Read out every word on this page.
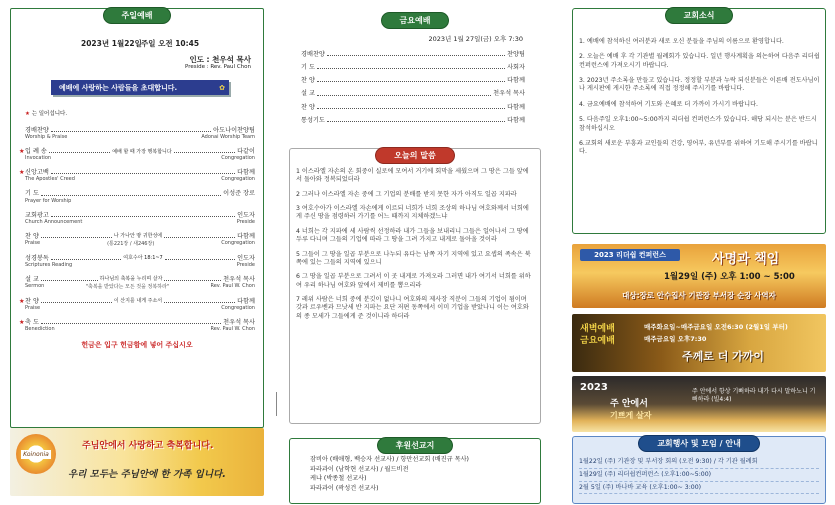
주일예배
2023년 1월22일 주일 오전 10:45
인도 : 천우석 목사
Preside : Rev. Paul Chon
예배에 사랑하는 사람들을 초대합니다.	✿
★ 는 일어섭니다.
경배찬양	아도나이찬양팀
Worship & Praise	Adonai Worship Team
★ 입 례 송	예배 할 때 가장 행복합니다	다같이
Invocation	Congregation
★ 신앙고백	다함께
The Apostles' Creed	Congregation
기 도	이성준 장로
Prayer for Worship
교회광고	인도자
Church Announcement	Preside
찬 양	나 가나안 땅 귀한성에	다함께
Praise	(통221장 / 새246장)	Congregation
성경봉독	여호수아 18:1~7	인도자
Scriptures Reading	Preside
설 교	하나님의 축복을 누리며 살자	천우석 목사
Sermon	"축복을 받았다는 모든 것을 정복하라"	Rev. Paul W. Chon
★ 찬 양	이 산지를 내게 주소서	다함께
Praise	Congregation
★ 축 도	천우석 목사
Benediction	Rev. Paul W. Chon
헌금은 입구 헌금함에 넣어 주십시오
Koinonia
주님안에서 사랑하고 축복합니다.
우리 모두는 주님안에 한 가족 입니다.
금요예배
2023년 1월 27일(금) 오후 7:30
경배찬양	찬양팀
기 도	사회자
찬 양	다함께
설 교	천우석 목사
찬 양	다함께
통성기도	다함께
오늘의 말씀

1 이스라엘 자손의 온 회중이 실로에 모여서 거기에 회막을 세웠으며 그 땅은 그들 앞에서 돌아와 정복되었더라

2 그러나 이스라엘 자손 중에 그 기업의 분배를 받지 못한 자가 아직도 일곱 지파라

3 여호수아가 이스라엘 자손에게 이르되 너희가 너희 조상의 하나님 여호와께서 너희에게 주신 땅을 점령하러 가기를 어느 때까지 지체하겠느냐

4 너희는 각 지파에 세 사람씩 선정하라 내가 그들을 보내리니 그들은 일어나서 그 땅에 두루 다니며 그들의 기업에 따라 그 땅을 그려 가지고 내게로 돌아올 것이라

5 그들이 그 땅을 일곱 부분으로 나누되 유다는 남쪽 자기 지역에 있고 요셉의 족속은 북쪽에 있는 그들의 지역에 있으니

6 그 땅을 일곱 부분으로 그려서 이 곳 내게로 가져오라 그러면 내가 여기서 너희를 위하여 우리 하나님 여호와 앞에서 제비를 뽑으리라

7 레위 사람은 너희 중에 분깃이 없나니 여호와의 제사장 직분이 그들의 기업이 됨이며 갓과 르우벤과 므낫세 반 지파는 요단 저편 동쪽에서 이미 기업을 받았나니 이는 여호와의 종 모세가 그들에게 준 것이니라 하더라

후원선교지
잠비아 (배애형, 백승자 선교사) / 항만선교회 (배진규 목사)
파라과이 (남학현 선교사) / 월드비전
케냐 (박종철 선교사)
파라과이 (곽성건 선교사)
교회소식

1. 예배에 참석하신 여러분과 새로 오신 분들을 주님의 이름으로 환영합니다.

2. 오늘은 예배 후 각 기관별 월례회가 있습니다. 일년 행사계획을 의논하여 다음주 리더쉽 컨퍼런스에 가져오시기 바랍니다.

3. 2023년 주소록을 만들고 있습니다. 정정할 부분과 누락 되신분들은 이른배 전도사님이나 게시판에 게시한 주소록에 직접 정정해 주시기를 바랍니다.

4. 금요예배에 참석하여 기도와 은혜로 더 가까이 가시기 바랍니다.

5. 다음주일 오후1:00~5:00까지 리더쉽 컨퍼런스가 있습니다. 해당 되시는 분은 반드시 참석하십시오

6.교회의 새로운 부흥과 교인들의 건강, 영어부, 유년부를 위하여 기도해 주시기를 바랍니다.

2023 리더쉽 컨퍼런스	사명과 책임
1월29일 (주) 오후 1:00 ~ 5:00
대상:장로 안수집사 기관장 부서장 순장 사역자
새벽예배
금요예배
매주화요일~매주금요일 오전6:30 (2월1일 부터)
매주금요일 오후7:30
주께로 더 가까이
2023
주 안에서
기쁘게 살자
주 안에서 항상 기뻐하라 내가 다시 말하노니 기뻐하라 (빌4:4)
교회행사 및 모임 / 안내
1월22일 (주) 기관장 및 부서장 회의 (오전 9:30) / 각 기관 월례회
1월29일 (주) 리더쉽컨퍼런스 (오후1:00~5:00)
2월 5일 (주) 바나바 교육 (오후1:00~ 3:00)
